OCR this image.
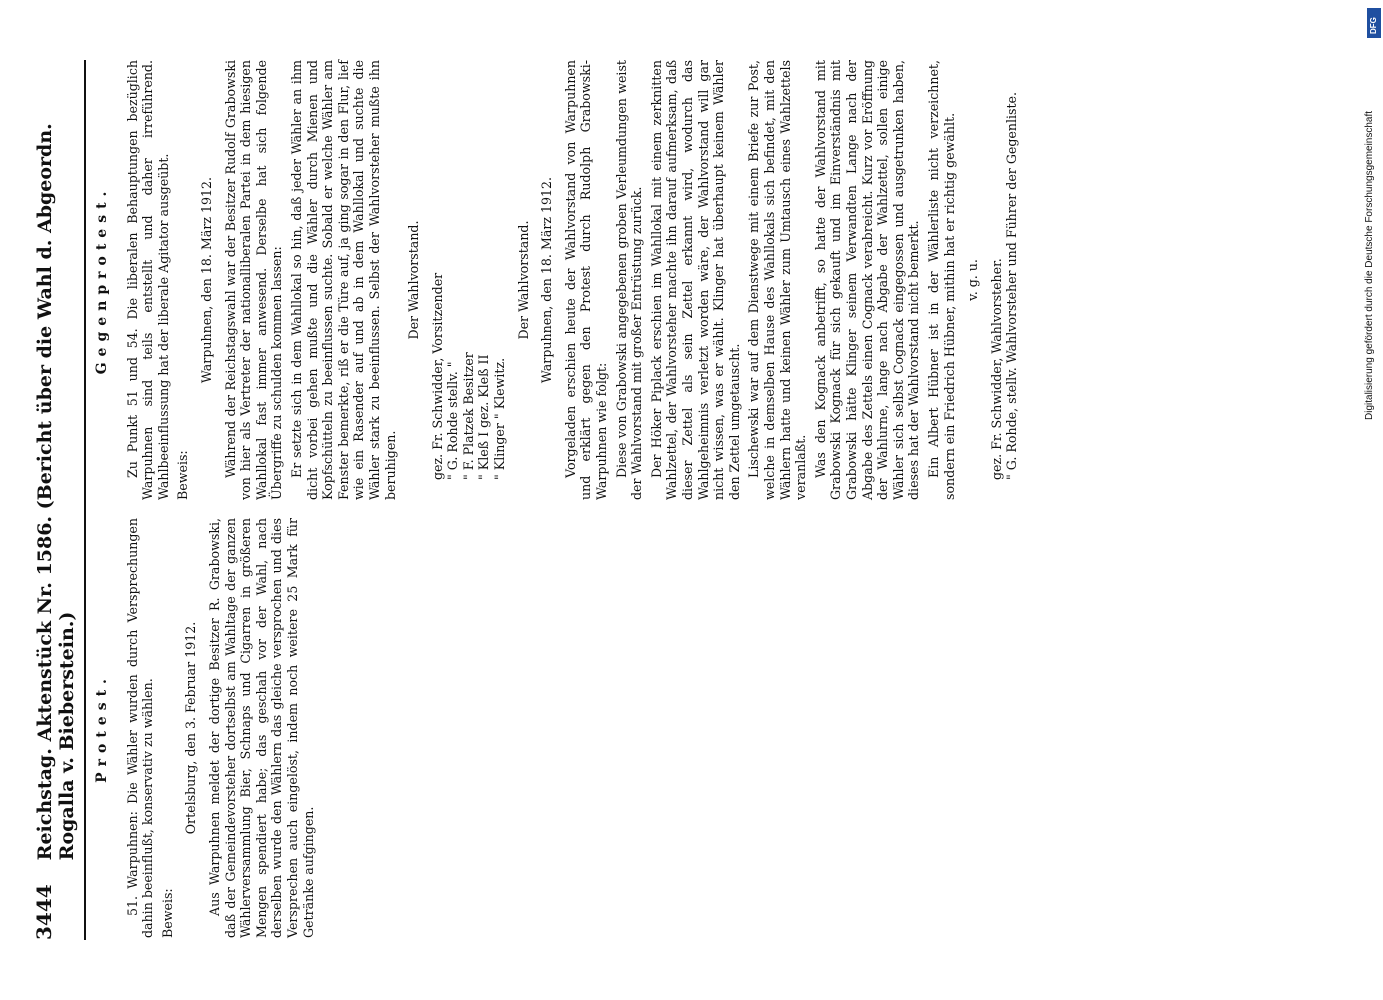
3444
Reichstag. Aktenstück Nr. 1586. (Bericht über die Wahl d. Abgeordn. Rogalla v. Bieberstein.) Protest. 51. Warpuhnen: Die Wähler wurden durch Versprechungen dahin beeinflußt, konservativ zu wählen. Beweis:

Ortelsburg, den 3. Februar 1912. Aus Warpuhnen meldet der dortige Besitzer R. Grabowski, daß der Gemeindevorsteher dortselbst am Wahltage der ganzen Wählerversammlung Bier, Schnaps und Cigarren in größeren Mengen spendiert habe; das geschah vor der Wahl, nach derselben wurde den Wählern das gleiche versprochen und dies Versprechen auch eingelöst, indem noch weitere 25 Mark für Getränke aufgingen.

Gegenprotest. Zu Punkt 51 und 54. Die liberalen Behauptungen bezüglich Warpuhnen sind teils entstellt und daher irreführend. Wahlbeeinflussung hat der liberale Agitator ausgeübt. Beweis:

Warpuhnen, den 18. März 1912. Während der Reichstagswahl war der Besitzer Rudolf Grabowski von hier als Vertreter der nationalliberalen Partei in dem hiesigen Wahllokal fast immer anwesend. Derselbe hat sich folgende Übergriffe zu schulden kommen lassen: Er setzte sich in dem Wahllokal so hin, daß jeder Wähler an ihm dicht vorbei gehen mußte und die Wähler durch Mienen und Kopfschütteln zu beeinflussen suchte. Sobald er welche Wähler am Fenster bemerkte, riß er die Türe auf, ja ging sogar in den Flur, lief wie ein Rasender auf und ab in dem Wahllokal und suchte die Wähler stark zu beeinflussen. Selbst der Wahlvorsteher mußte ihn beruhigen.

Der Wahlvorstand. gez. Fr. Schwidder, Vorsitzender " G. Rohde stellv. " " F. Platzek Besitzer " Kleß I gez. Kleß II " Klinger " Klewitz.

Der Wahlvorstand. Warpuhnen, den 18. März 1912. Vorgeladen erschien heute der Wahlvorstand von Warpuhnen und erklärt gegen den Protest durch Rudolph Grabowski-Warpuhnen wie folgt: Diese von Grabowski angegebenen groben Verleumdungen weist der Wahlvorstand mit großer Entrüstung zurück. Der Höker Piplack erschien im Wahllokal mit einem zerknitten Wahlzettel, der Wahlvorsteher machte ihn darauf aufmerksam, daß dieser Zettel als sein Zettel erkannt wird, wodurch das Wahlgeheimnis verletzt worden wäre, der Wahlvorstand will gar nicht wissen, was er wählt. Klinger hat überhaupt keinem Wähler den Zettel umgetauscht. Lischewski war auf dem Dienstwege mit einem Briefe zur Post, welche in demselben Hause des Wahllokals sich befindet, mit den Wählern hatte und keinen Wähler zum Umtausch eines Wahlzettels veranlaßt. Was den Kognack anbetrifft, so hatte der Wahlvorstand mit Grabowski Kognack für sich gekauft und im Einverständnis mit Grabowski hätte Klinger seinem Verwandten Lange nach der Abgabe des Zettels einen Cognack verabreicht. Kurz vor Eröffnung der Wahlurne, lange nach Abgabe der Wahlzettel, sollen einige Wähler sich selbst Cognack eingegossen und ausgetrunken haben, dieses hat der Wahlvorstand nicht bemerkt. Ein Albert Hübner ist in der Wählerliste nicht verzeichnet, sondern ein Friedrich Hübner, mithin hat er richtig gewählt. v. g. u. gez. Fr. Schwidder, Wahlvorsteher. " G. Rohde, stellv. Wahlvorsteher und Führer der Gegenliste.

DFG
Digitalisierung gefördert durch die Deutsche Forschungsgemeinschaft
